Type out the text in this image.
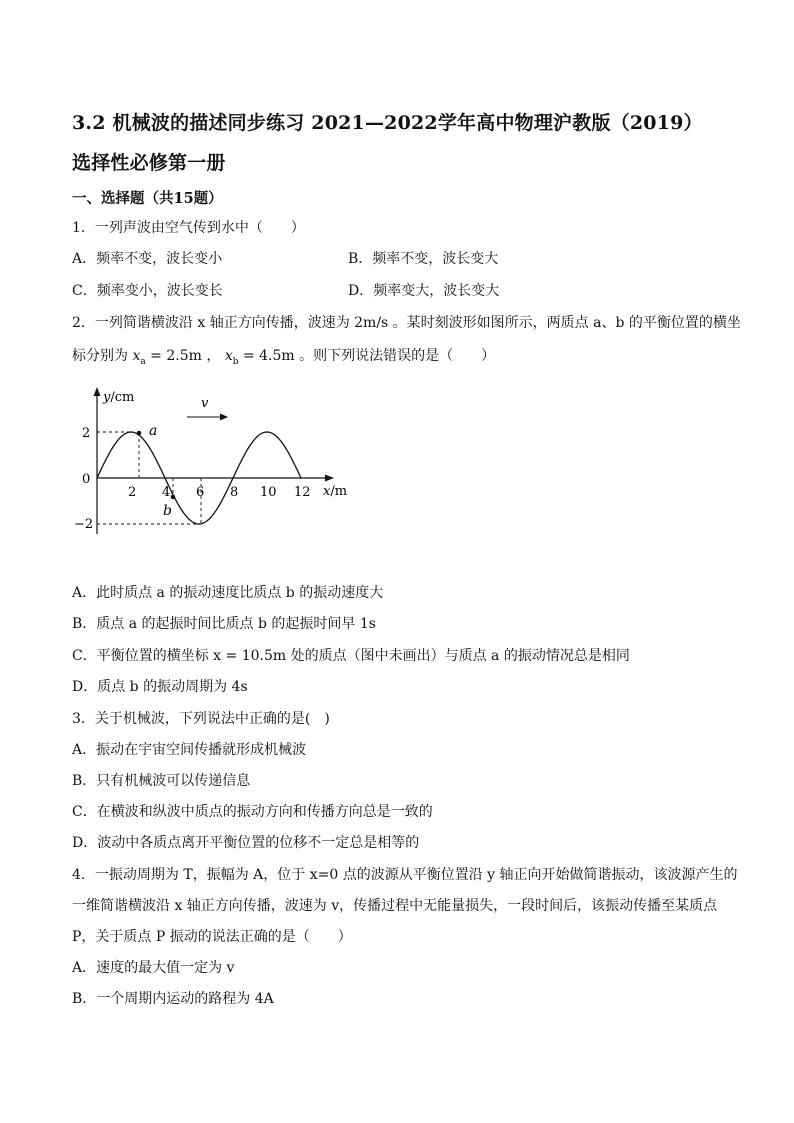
3.2 机械波的描述同步练习 2021—2022学年高中物理沪教版（2019）
选择性必修第一册
一、选择题（共15题）
1．一列声波由空气传到水中（　　）
A．频率不变，波长变小	B．频率不变，波长变大
C．频率变小，波长变长	D．频率变大，波长变大
2．一列简谐横波沿 x 轴正方向传播，波速为 2m/s 。某时刻波形如图所示，两质点 a、b 的平衡位置的横坐
标分别为 $x_a = 2.5m$ ， $x_b = 4.5m$ 。则下列说法错误的是（　　）
y/cm
x/m
2
0
−2
2 4 6 8 10 12
a
b
v
A．此时质点 a 的振动速度比质点 b 的振动速度大
B．质点 a 的起振时间比质点 b 的起振时间早 1s
C．平衡位置的横坐标 x = 10.5m 处的质点（图中未画出）与质点 a 的振动情况总是相同
D．质点 b 的振动周期为 4s
3．关于机械波，下列说法中正确的是(　)
A．振动在宇宙空间传播就形成机械波
B．只有机械波可以传递信息
C．在横波和纵波中质点的振动方向和传播方向总是一致的
D．波动中各质点离开平衡位置的位移不一定总是相等的
4．一振动周期为 T，振幅为 A，位于 x=0 点的波源从平衡位置沿 y 轴正向开始做简谐振动，该波源产生的
一维简谐横波沿 x 轴正方向传播，波速为 v，传播过程中无能量损失，一段时间后，该振动传播至某质点
P，关于质点 P 振动的说法正确的是（　　）
A．速度的最大值一定为 v
B．一个周期内运动的路程为 4A
